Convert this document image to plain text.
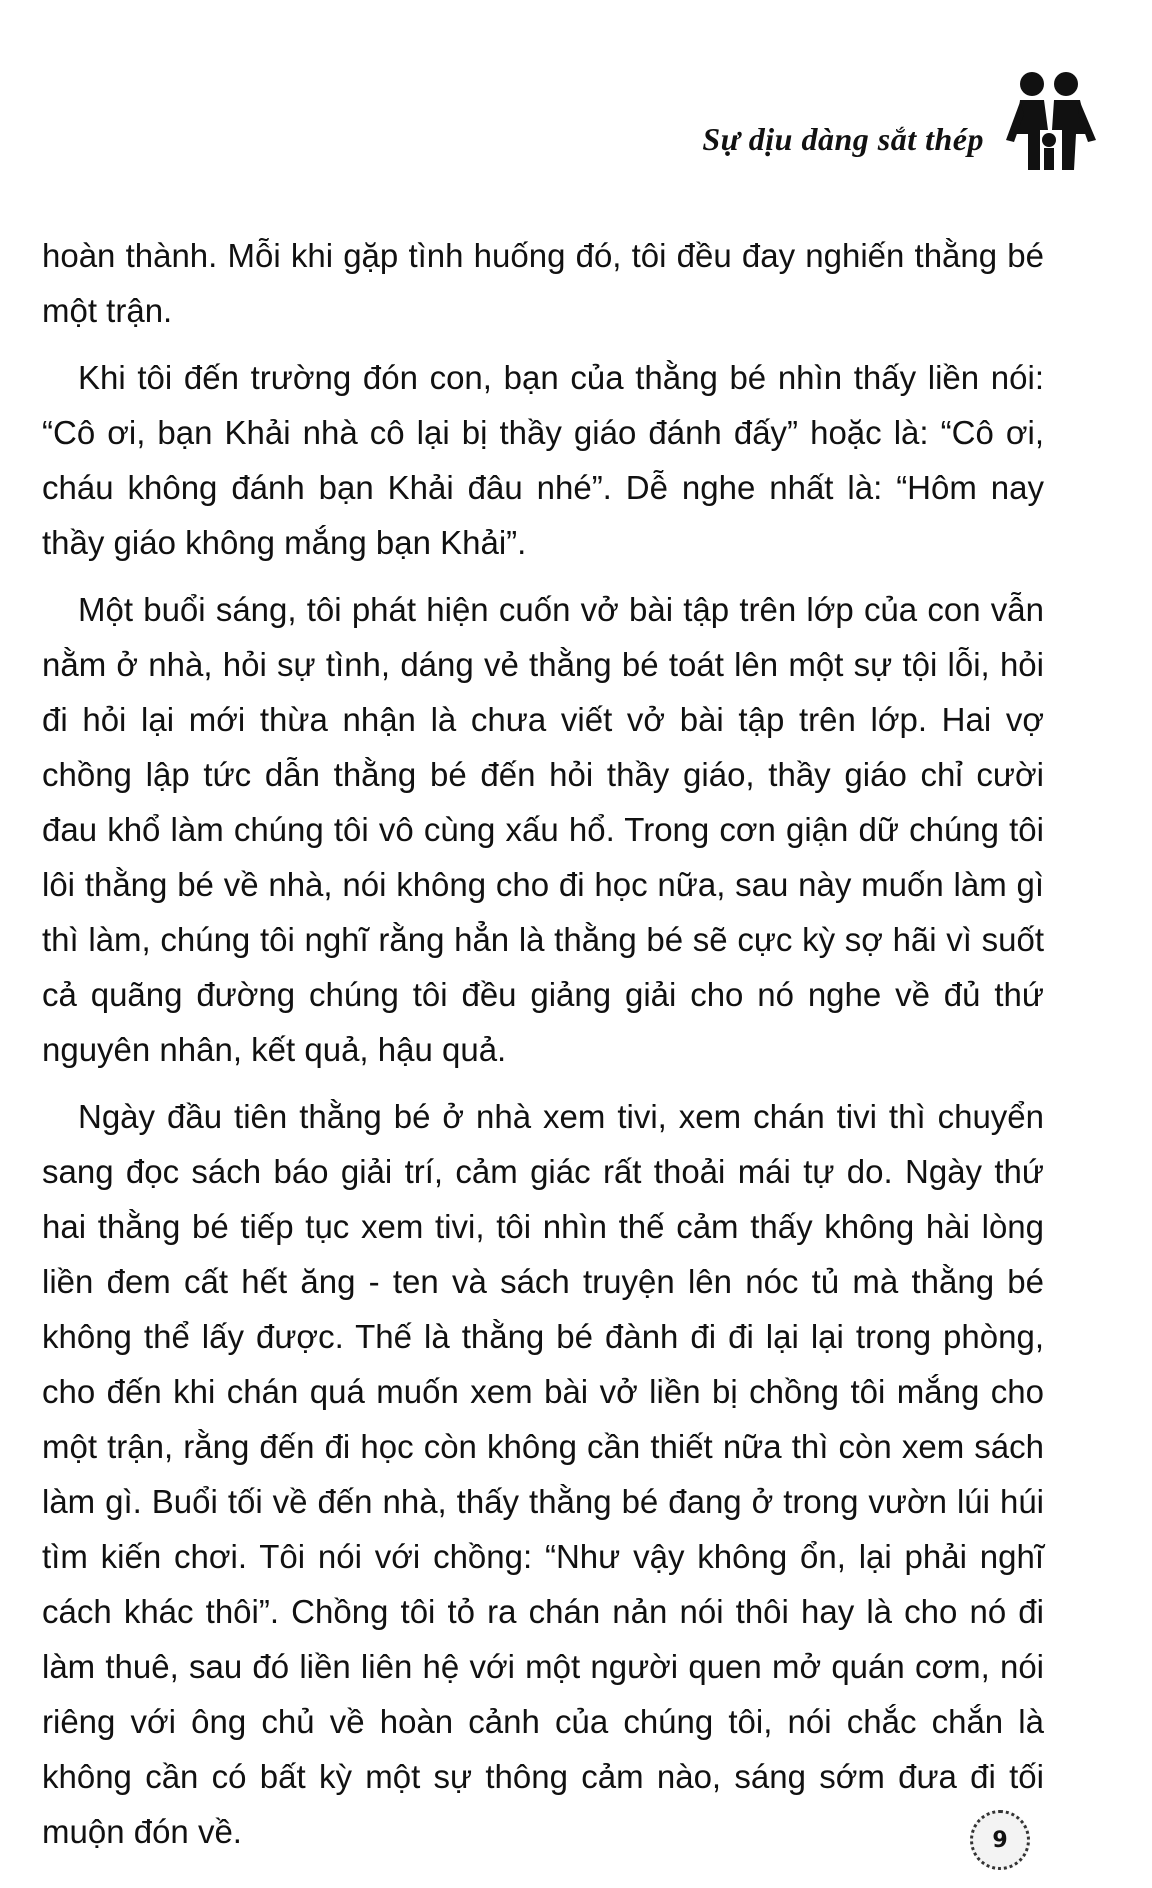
Sự dịu dàng sắt thép

hoàn thành. Mỗi khi gặp tình huống đó, tôi đều đay nghiến thằng bé một trận.

Khi tôi đến trường đón con, bạn của thằng bé nhìn thấy liền nói: “Cô ơi, bạn Khải nhà cô lại bị thầy giáo đánh đấy” hoặc là: “Cô ơi, cháu không đánh bạn Khải đâu nhé”. Dễ nghe nhất là: “Hôm nay thầy giáo không mắng bạn Khải”.

Một buổi sáng, tôi phát hiện cuốn vở bài tập trên lớp của con vẫn nằm ở nhà, hỏi sự tình, dáng vẻ thằng bé toát lên một sự tội lỗi, hỏi đi hỏi lại mới thừa nhận là chưa viết vở bài tập trên lớp. Hai vợ chồng lập tức dẫn thằng bé đến hỏi thầy giáo, thầy giáo chỉ cười đau khổ làm chúng tôi vô cùng xấu hổ. Trong cơn giận dữ chúng tôi lôi thằng bé về nhà, nói không cho đi học nữa, sau này muốn làm gì thì làm, chúng tôi nghĩ rằng hẳn là thằng bé sẽ cực kỳ sợ hãi vì suốt cả quãng đường chúng tôi đều giảng giải cho nó nghe về đủ thứ nguyên nhân, kết quả, hậu quả.

Ngày đầu tiên thằng bé ở nhà xem tivi, xem chán tivi thì chuyển sang đọc sách báo giải trí, cảm giác rất thoải mái tự do. Ngày thứ hai thằng bé tiếp tục xem tivi, tôi nhìn thế cảm thấy không hài lòng liền đem cất hết ăng - ten và sách truyện lên nóc tủ mà thằng bé không thể lấy được. Thế là thằng bé đành đi đi lại lại trong phòng, cho đến khi chán quá muốn xem bài vở liền bị chồng tôi mắng cho một trận, rằng đến đi học còn không cần thiết nữa thì còn xem sách làm gì. Buổi tối về đến nhà, thấy thằng bé đang ở trong vườn lúi húi tìm kiến chơi. Tôi nói với chồng: “Như vậy không ổn, lại phải nghĩ cách khác thôi”. Chồng tôi tỏ ra chán nản nói thôi hay là cho nó đi làm thuê, sau đó liền liên hệ với một người quen mở quán cơm, nói riêng với ông chủ về hoàn cảnh của chúng tôi, nói chắc chắn là không cần có bất kỳ một sự thông cảm nào, sáng sớm đưa đi tối muộn đón về.	9
